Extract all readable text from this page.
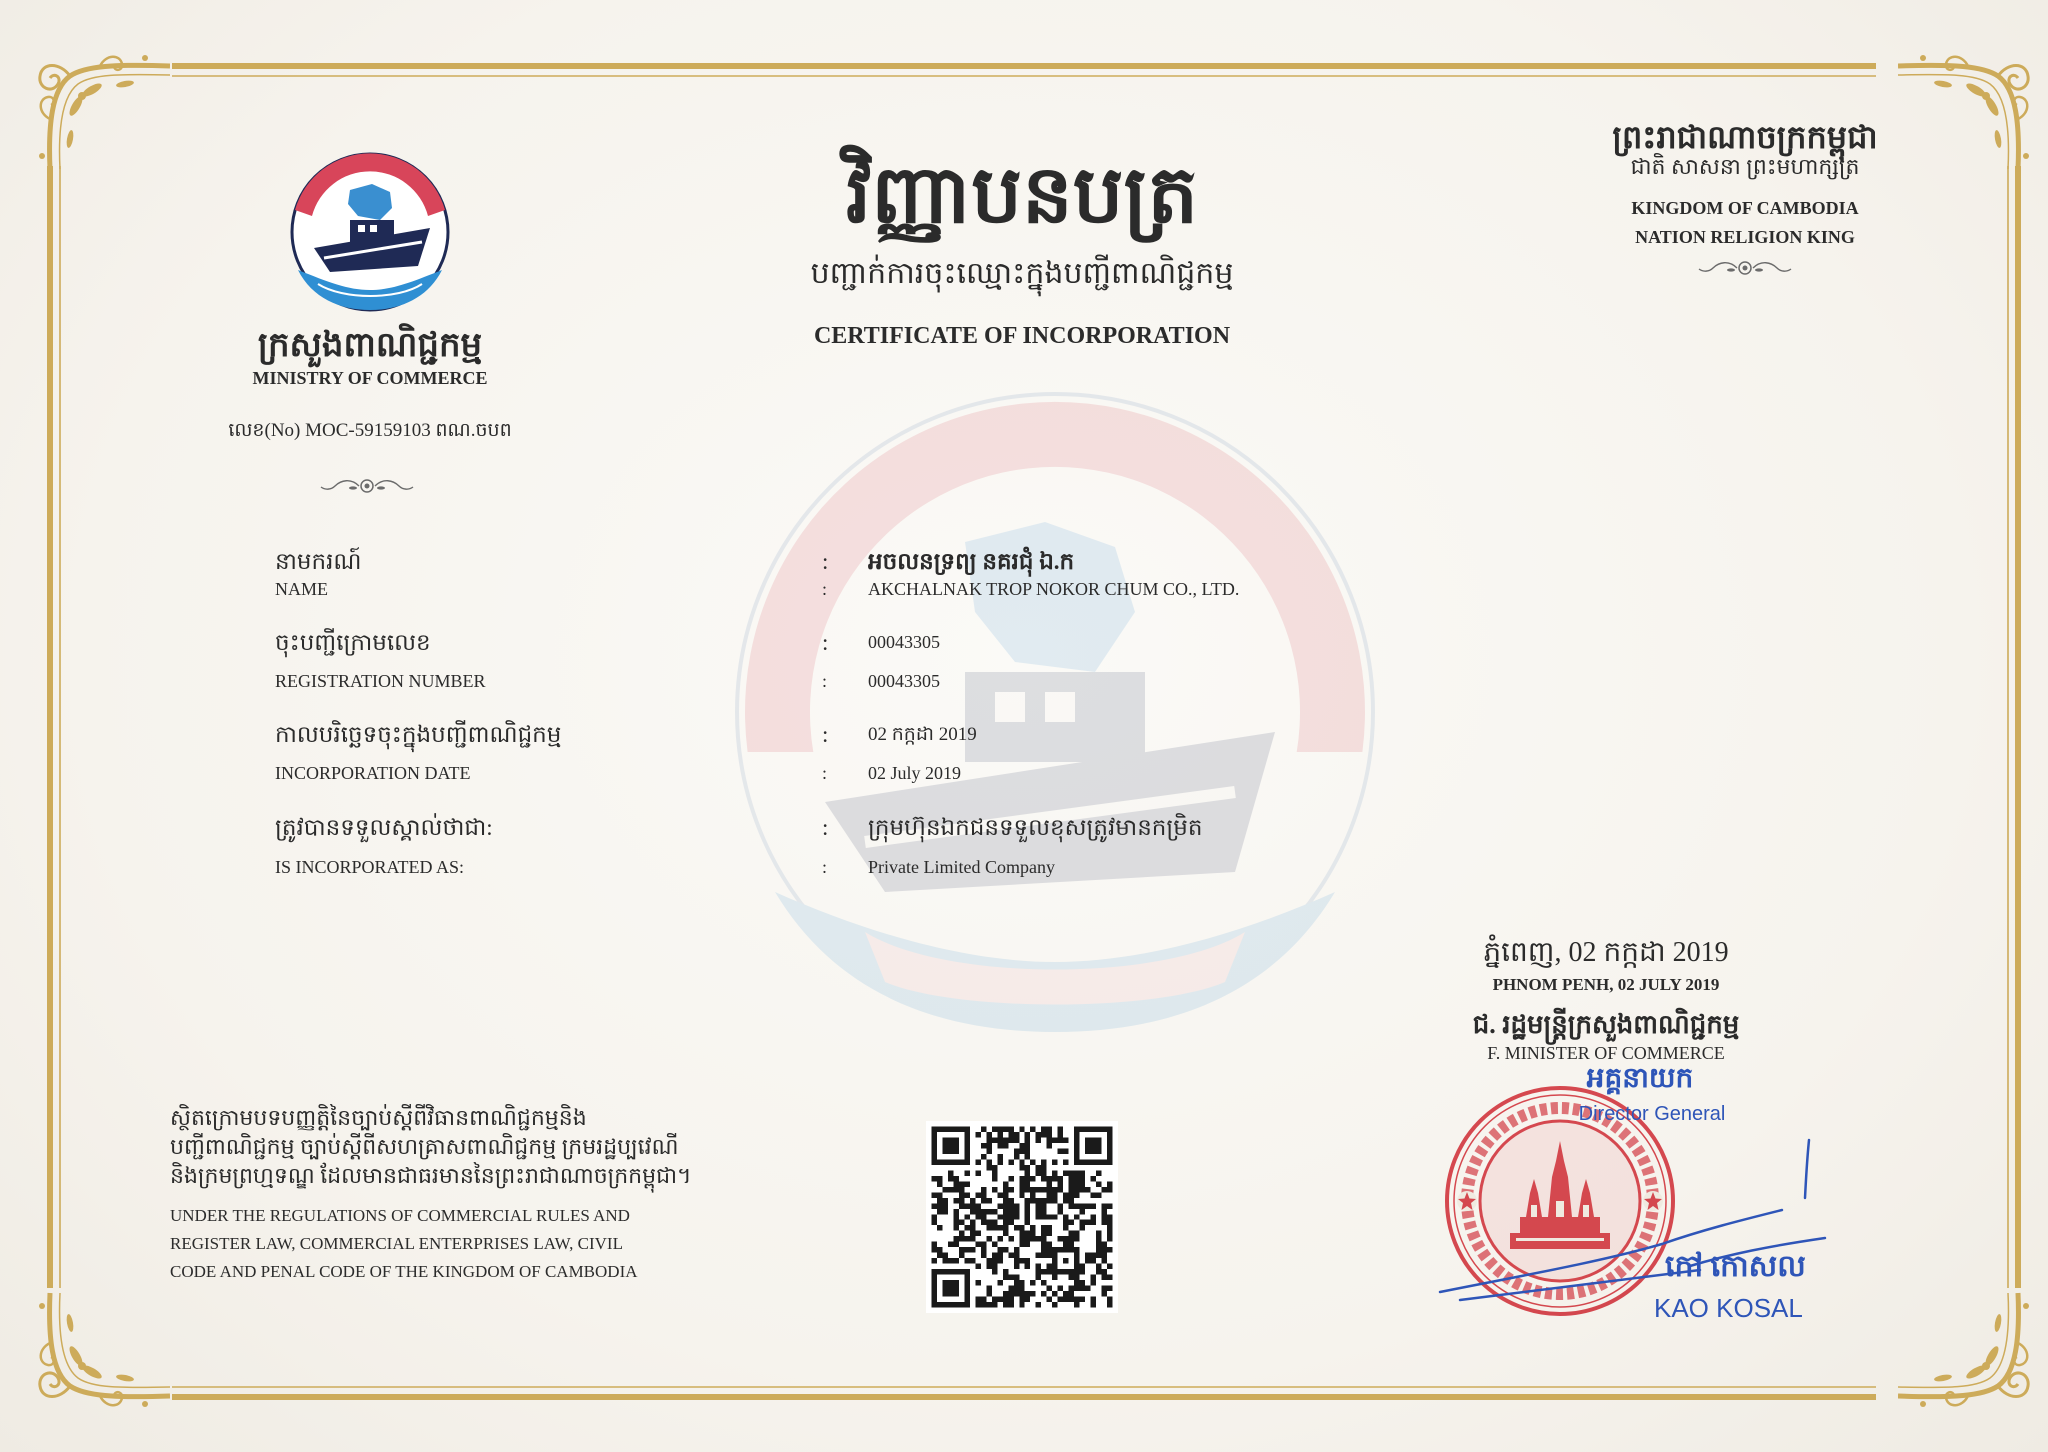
ក្រសួងពាណិជ្ជកម្ម
MINISTRY OF COMMERCE
លេខ(No) MOC-59159103 ពណ.ចបព
វិញ្ញាបនបត្រ
បញ្ជាក់ការចុះឈ្មោះក្នុងបញ្ជីពាណិជ្ជកម្ម
CERTIFICATE OF INCORPORATION
ព្រះរាជាណាចក្រកម្ពុជា
ជាតិ សាសនា ព្រះមហាក្សត្រ
KINGDOM OF CAMBODIA
NATION RELIGION KING
នាមករណ៍
NAME
:
:
អចលនទ្រព្យ នគរជុំ ឯ.ក
AKCHALNAK TROP NOKOR CHUM CO., LTD.
ចុះបញ្ជីក្រោមលេខ
REGISTRATION NUMBER
:
:
00043305
00043305
កាលបរិច្ឆេទចុះក្នុងបញ្ជីពាណិជ្ជកម្ម
INCORPORATION DATE
:
:
02 កក្កដា 2019
02 July 2019
ត្រូវបានទទួលស្គាល់ថាជា:
IS INCORPORATED AS:
:
:
ក្រុមហ៊ុនឯកជនទទួលខុសត្រូវមានកម្រិត
Private Limited Company
ភ្នំពេញ, 02 កក្កដា 2019
PHNOM PENH, 02 JULY 2019
ជ. រដ្ឋមន្ត្រីក្រសួងពាណិជ្ជកម្ម
F. MINISTER OF COMMERCE
អគ្គនាយក
Director General
កៅ កោសល
KAO KOSAL
ស្ថិតក្រោមបទបញ្ញត្តិនៃច្បាប់ស្តីពីវិធានពាណិជ្ជកម្មនិង
បញ្ជីពាណិជ្ជកម្ម ច្បាប់ស្តីពីសហគ្រាសពាណិជ្ជកម្ម ក្រមរដ្ឋប្បវេណី
និងក្រមព្រហ្មទណ្ឌ ដែលមានជាធរមាននៃព្រះរាជាណាចក្រកម្ពុជា។
UNDER THE REGULATIONS OF COMMERCIAL RULES AND
REGISTER LAW, COMMERCIAL ENTERPRISES LAW, CIVIL
CODE AND PENAL CODE OF THE KINGDOM OF CAMBODIA
